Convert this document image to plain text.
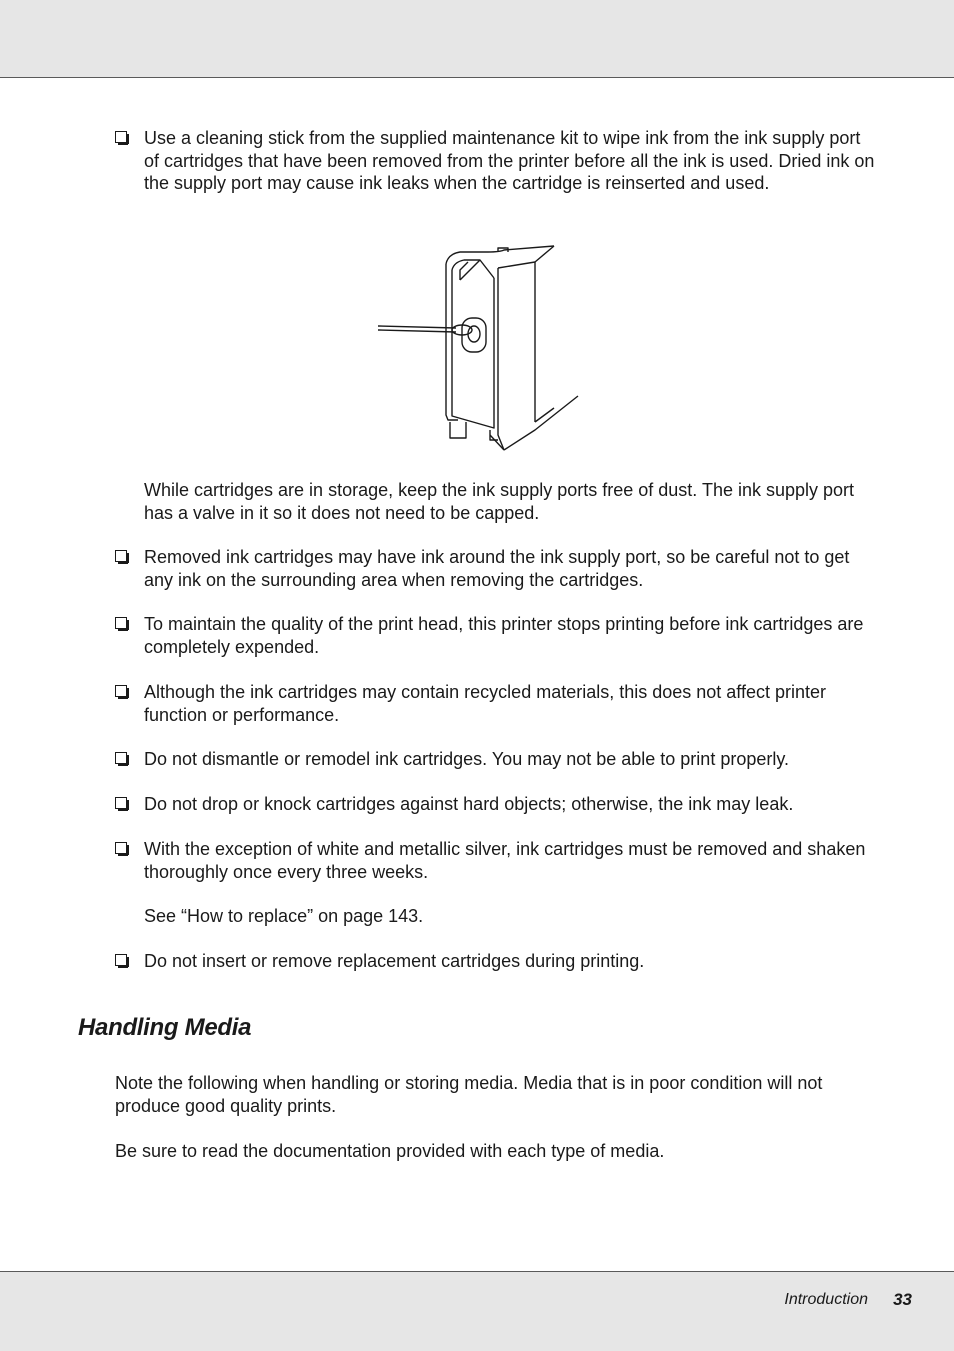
Use a cleaning stick from the supplied maintenance kit to wipe ink from the ink supply port of cartridges that have been removed from the printer before all the ink is used. Dried ink on the supply port may cause ink leaks when the cartridge is reinserted and used.
While cartridges are in storage, keep the ink supply ports free of dust. The ink supply port has a valve in it so it does not need to be capped.
Removed ink cartridges may have ink around the ink supply port, so be careful not to get any ink on the surrounding area when removing the cartridges.
To maintain the quality of the print head, this printer stops printing before ink cartridges are completely expended.
Although the ink cartridges may contain recycled materials, this does not affect printer function or performance.
Do not dismantle or remodel ink cartridges. You may not be able to print properly.
Do not drop or knock cartridges against hard objects; otherwise, the ink may leak.
With the exception of white and metallic silver, ink cartridges must be removed and shaken thoroughly once every three weeks.
See “How to replace” on page 143.
Do not insert or remove replacement cartridges during printing.
Handling Media
Note the following when handling or storing media. Media that is in poor condition will not produce good quality prints.
Be sure to read the documentation provided with each type of media.
Introduction 33
